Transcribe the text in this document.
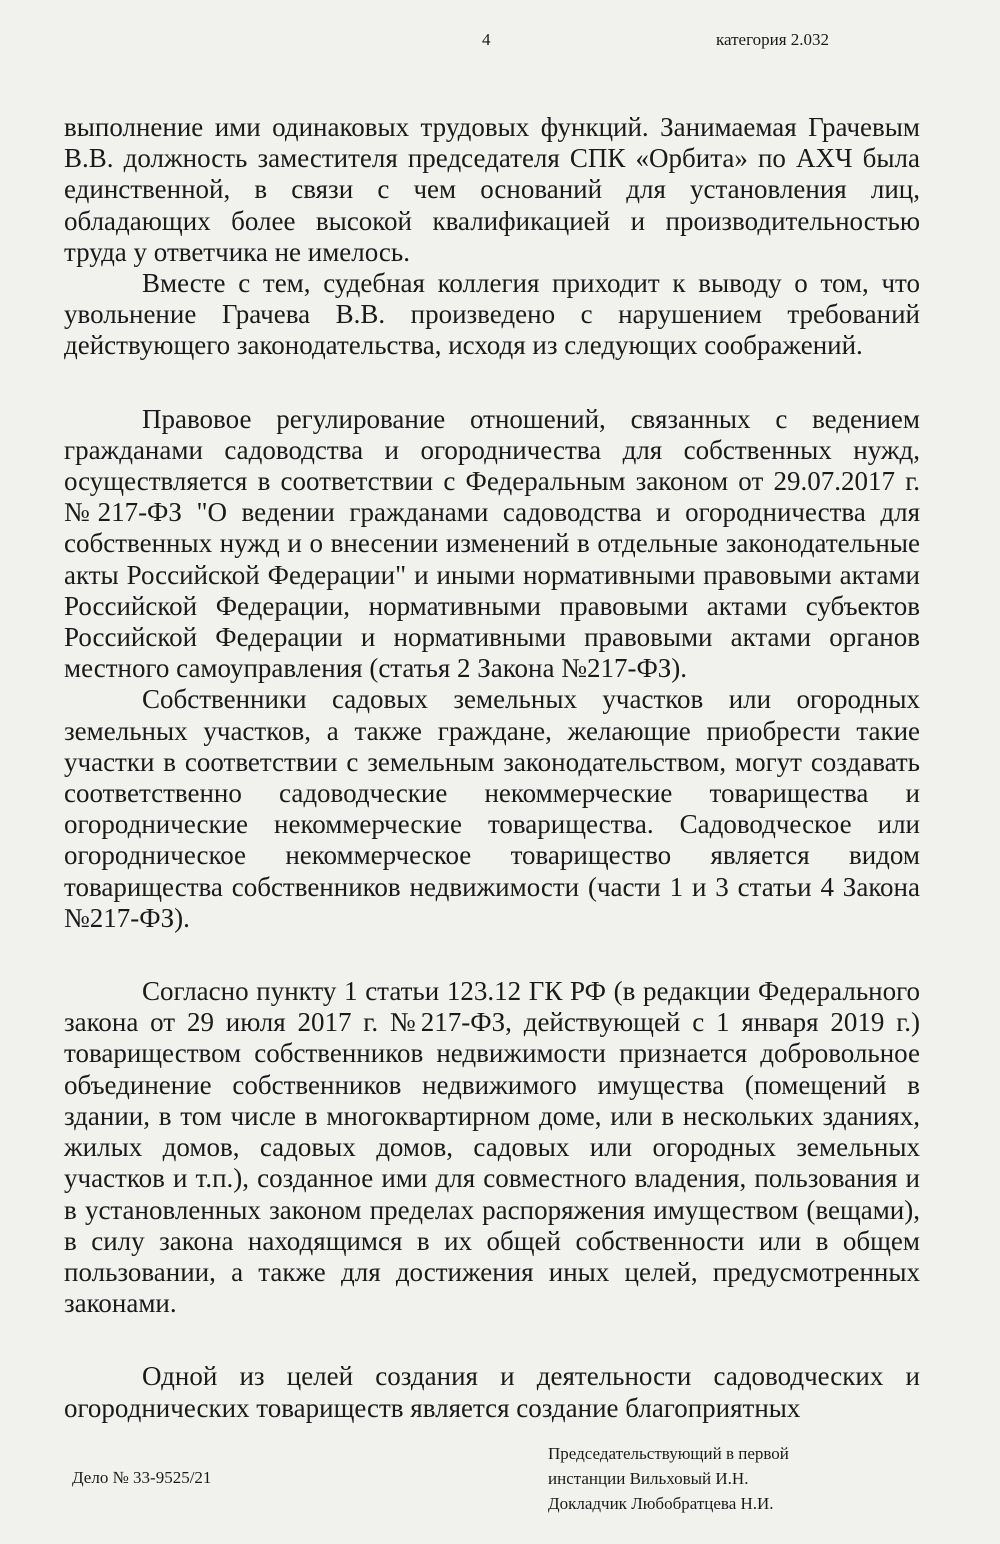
4	категория 2.032

выполнение ими одинаковых трудовых функций. Занимаемая Грачевым В.В. должность заместителя председателя СПК «Орбита» по АХЧ была единственной, в связи с чем оснований для установления лиц, обладающих более высокой квалификацией и производительностью труда у ответчика не имелось.

Вместе с тем, судебная коллегия приходит к выводу о том, что увольнение Грачева В.В. произведено с нарушением требований действующего законодательства, исходя из следующих соображений.

Правовое регулирование отношений, связанных с ведением гражданами садоводства и огородничества для собственных нужд, осуществляется в соответствии с Федеральным законом от 29.07.2017 г. №217-ФЗ "О ведении гражданами садоводства и огородничества для собственных нужд и о внесении изменений в отдельные законодательные акты Российской Федерации" и иными нормативными правовыми актами Российской Федерации, нормативными правовыми актами субъектов Российской Федерации и нормативными правовыми актами органов местного самоуправления (статья 2 Закона №217-ФЗ).

Собственники садовых земельных участков или огородных земельных участков, а также граждане, желающие приобрести такие участки в соответствии с земельным законодательством, могут создавать соответственно садоводческие некоммерческие товарищества и огороднические некоммерческие товарищества. Садоводческое или огородническое некоммерческое товарищество является видом товарищества собственников недвижимости (части 1 и 3 статьи 4 Закона №217-ФЗ).

Согласно пункту 1 статьи 123.12 ГК РФ (в редакции Федерального закона от 29 июля 2017 г. №217-ФЗ, действующей с 1 января 2019 г.) товариществом собственников недвижимости признается добровольное объединение собственников недвижимого имущества (помещений в здании, в том числе в многоквартирном доме, или в нескольких зданиях, жилых домов, садовых домов, садовых или огородных земельных участков и т.п.), созданное ими для совместного владения, пользования и в установленных законом пределах распоряжения имуществом (вещами), в силу закона находящимся в их общей собственности или в общем пользовании, а также для достижения иных целей, предусмотренных законами.

Одной из целей создания и деятельности садоводческих и огороднических товариществ является создание благоприятных

Дело № 33-9525/21
Председательствующий в первой
инстанции Вильховый И.Н.
Докладчик Любобратцева Н.И.
